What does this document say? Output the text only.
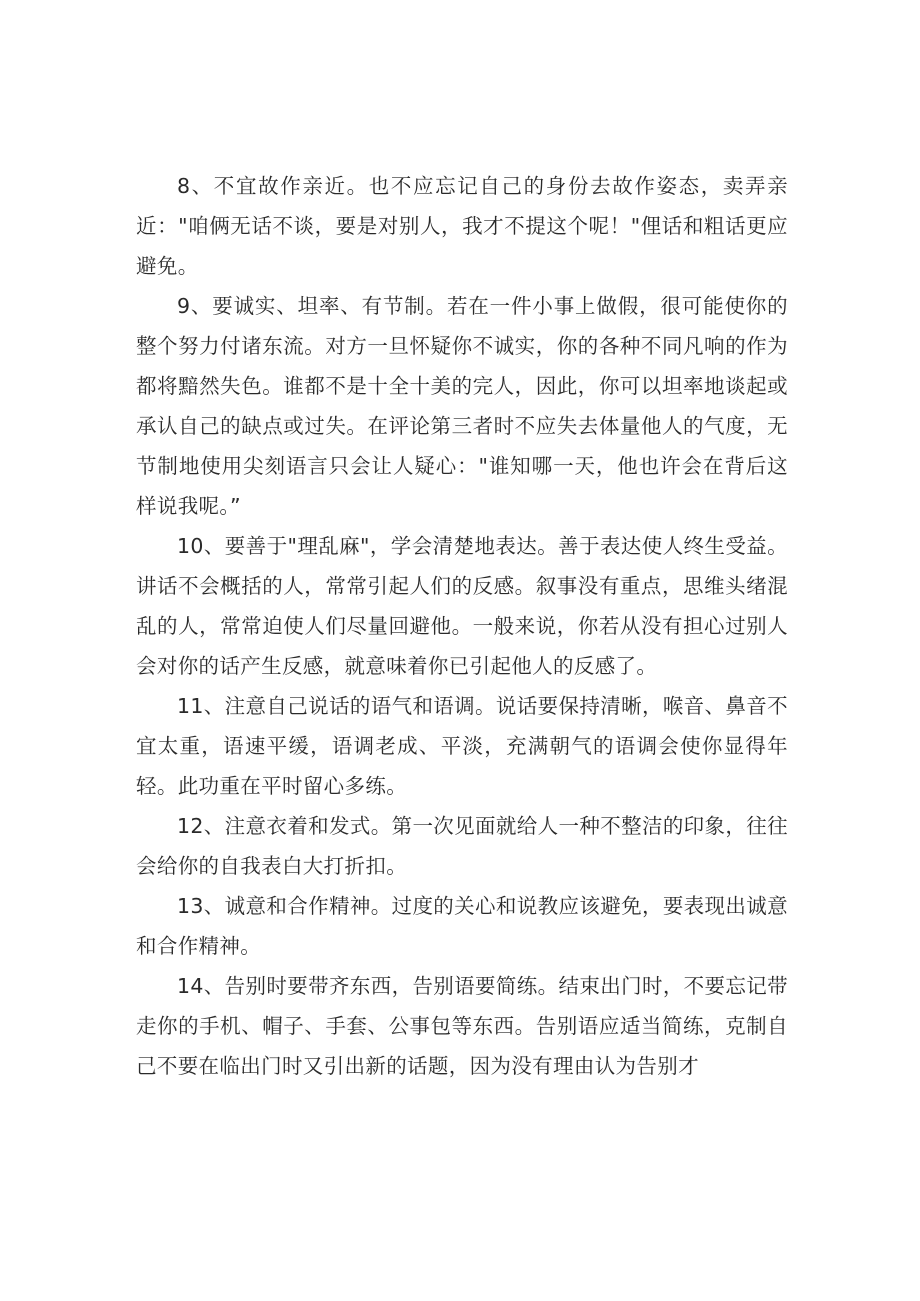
8、不宜故作亲近。也不应忘记自己的身份去故作姿态，卖弄亲近："咱俩无话不谈，要是对别人，我才不提这个呢！"俚话和粗话更应避免。

9、要诚实、坦率、有节制。若在一件小事上做假，很可能使你的整个努力付诸东流。对方一旦怀疑你不诚实，你的各种不同凡响的作为都将黯然失色。谁都不是十全十美的完人，因此，你可以坦率地谈起或承认自己的缺点或过失。在评论第三者时不应失去体量他人的气度，无节制地使用尖刻语言只会让人疑心："谁知哪一天，他也许会在背后这样说我呢。”

10、要善于"理乱麻"，学会清楚地表达。善于表达使人终生受益。讲话不会概括的人，常常引起人们的反感。叙事没有重点，思维头绪混乱的人，常常迫使人们尽量回避他。一般来说，你若从没有担心过别人会对你的话产生反感，就意味着你已引起他人的反感了。

11、注意自己说话的语气和语调。说话要保持清晰，喉音、鼻音不宜太重，语速平缓，语调老成、平淡，充满朝气的语调会使你显得年轻。此功重在平时留心多练。

12、注意衣着和发式。第一次见面就给人一种不整洁的印象，往往会给你的自我表白大打折扣。

13、诚意和合作精神。过度的关心和说教应该避免，要表现出诚意和合作精神。

14、告别时要带齐东西，告别语要简练。结束出门时，不要忘记带走你的手机、帽子、手套、公事包等东西。告别语应适当简练，克制自己不要在临出门时又引出新的话题，因为没有理由认为告别才
